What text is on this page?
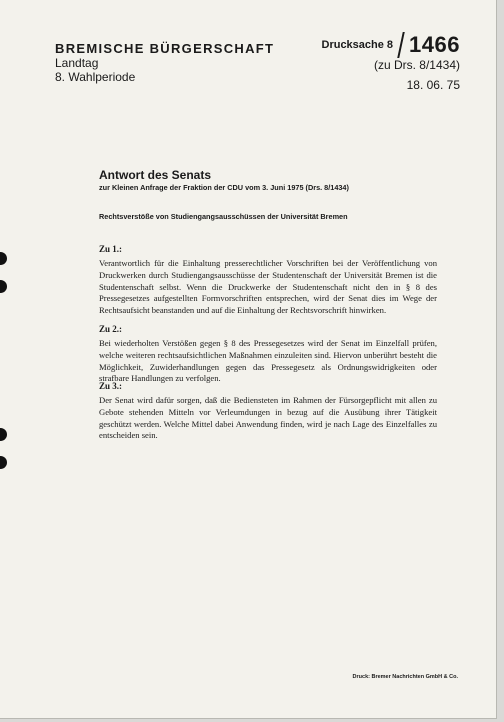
BREMISCHE BÜRGERSCHAFT
Landtag
8. Wahlperiode
Drucksache 8 1466
(zu Drs. 8/1434)
18. 06. 75
Antwort des Senats
zur Kleinen Anfrage der Fraktion der CDU vom 3. Juni 1975 (Drs. 8/1434)
Rechtsverstöße von Studiengangsausschüssen der Universität Bremen
Zu 1.:
Verantwortlich für die Einhaltung presserechtlicher Vorschriften bei der Veröffentlichung von Druckwerken durch Studiengangsausschüsse der Studentenschaft der Universität Bremen ist die Studentenschaft selbst. Wenn die Druckwerke der Studentenschaft nicht den in § 8 des Pressegesetzes aufgestellten Formvorschriften entsprechen, wird der Senat dies im Wege der Rechtsaufsicht beanstanden und auf die Einhaltung der Rechtsvorschrift hinwirken.
Zu 2.:
Bei wiederholten Verstößen gegen § 8 des Pressegesetzes wird der Senat im Einzelfall prüfen, welche weiteren rechtsaufsichtlichen Maßnahmen einzuleiten sind. Hiervon unberührt besteht die Möglichkeit, Zuwiderhandlungen gegen das Pressegesetz als Ordnungswidrigkeiten oder strafbare Handlungen zu verfolgen.
Zu 3.:
Der Senat wird dafür sorgen, daß die Bediensteten im Rahmen der Fürsorgepflicht mit allen zu Gebote stehenden Mitteln vor Verleumdungen in bezug auf die Ausübung ihrer Tätigkeit geschützt werden. Welche Mittel dabei Anwendung finden, wird je nach Lage des Einzelfalles zu entscheiden sein.
Druck: Bremer Nachrichten GmbH & Co.
